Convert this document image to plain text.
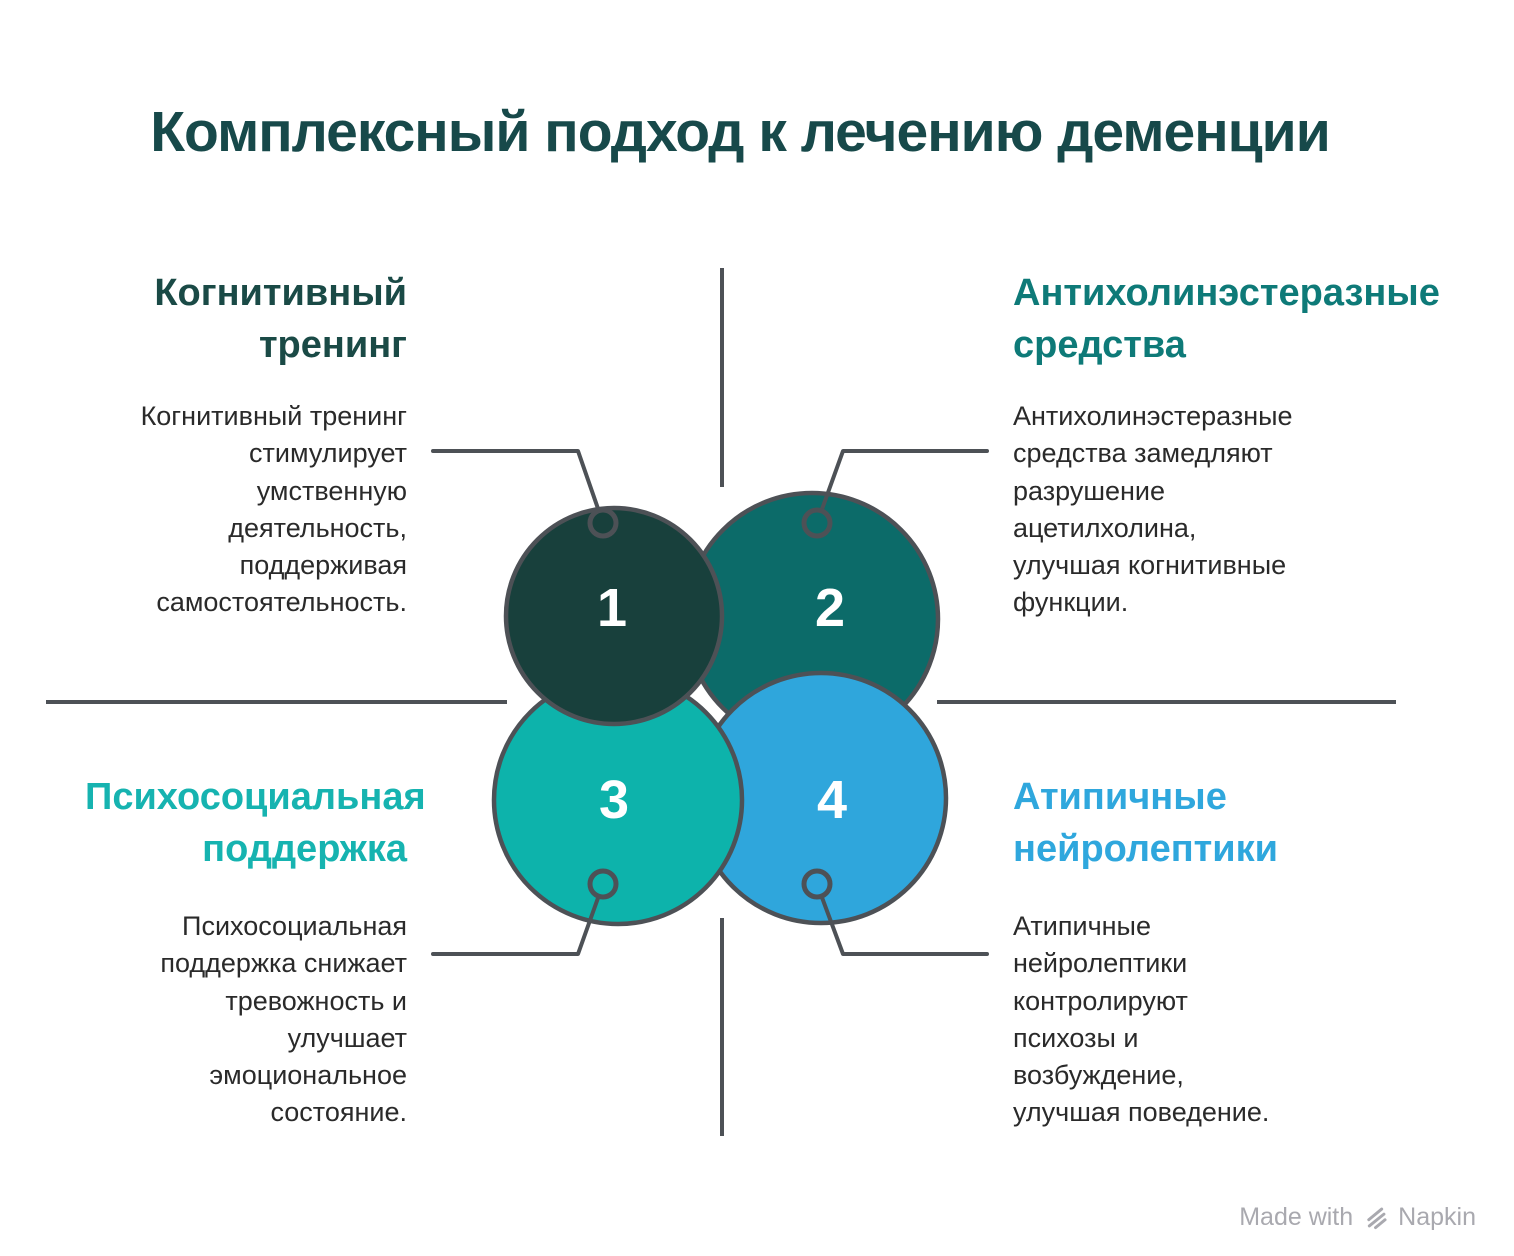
Комплексный подход к лечению деменции
1	2
3	4
Когнитивный тренинг
Когнитивный тренинг стимулирует умственную деятельность, поддерживая самостоятельность.
Антихолинэстеразные средства
Антихолинэстеразные средства замедляют разрушение ацетилхолина, улучшая когнитивные функции.
Психосоциальная поддержка
Психосоциальная поддержка снижает тревожность и улучшает эмоциональное состояние.
Атипичные нейролептики
Атипичные нейролептики контролируют психозы и возбуждение, улучшая поведение.
Made with Napkin
